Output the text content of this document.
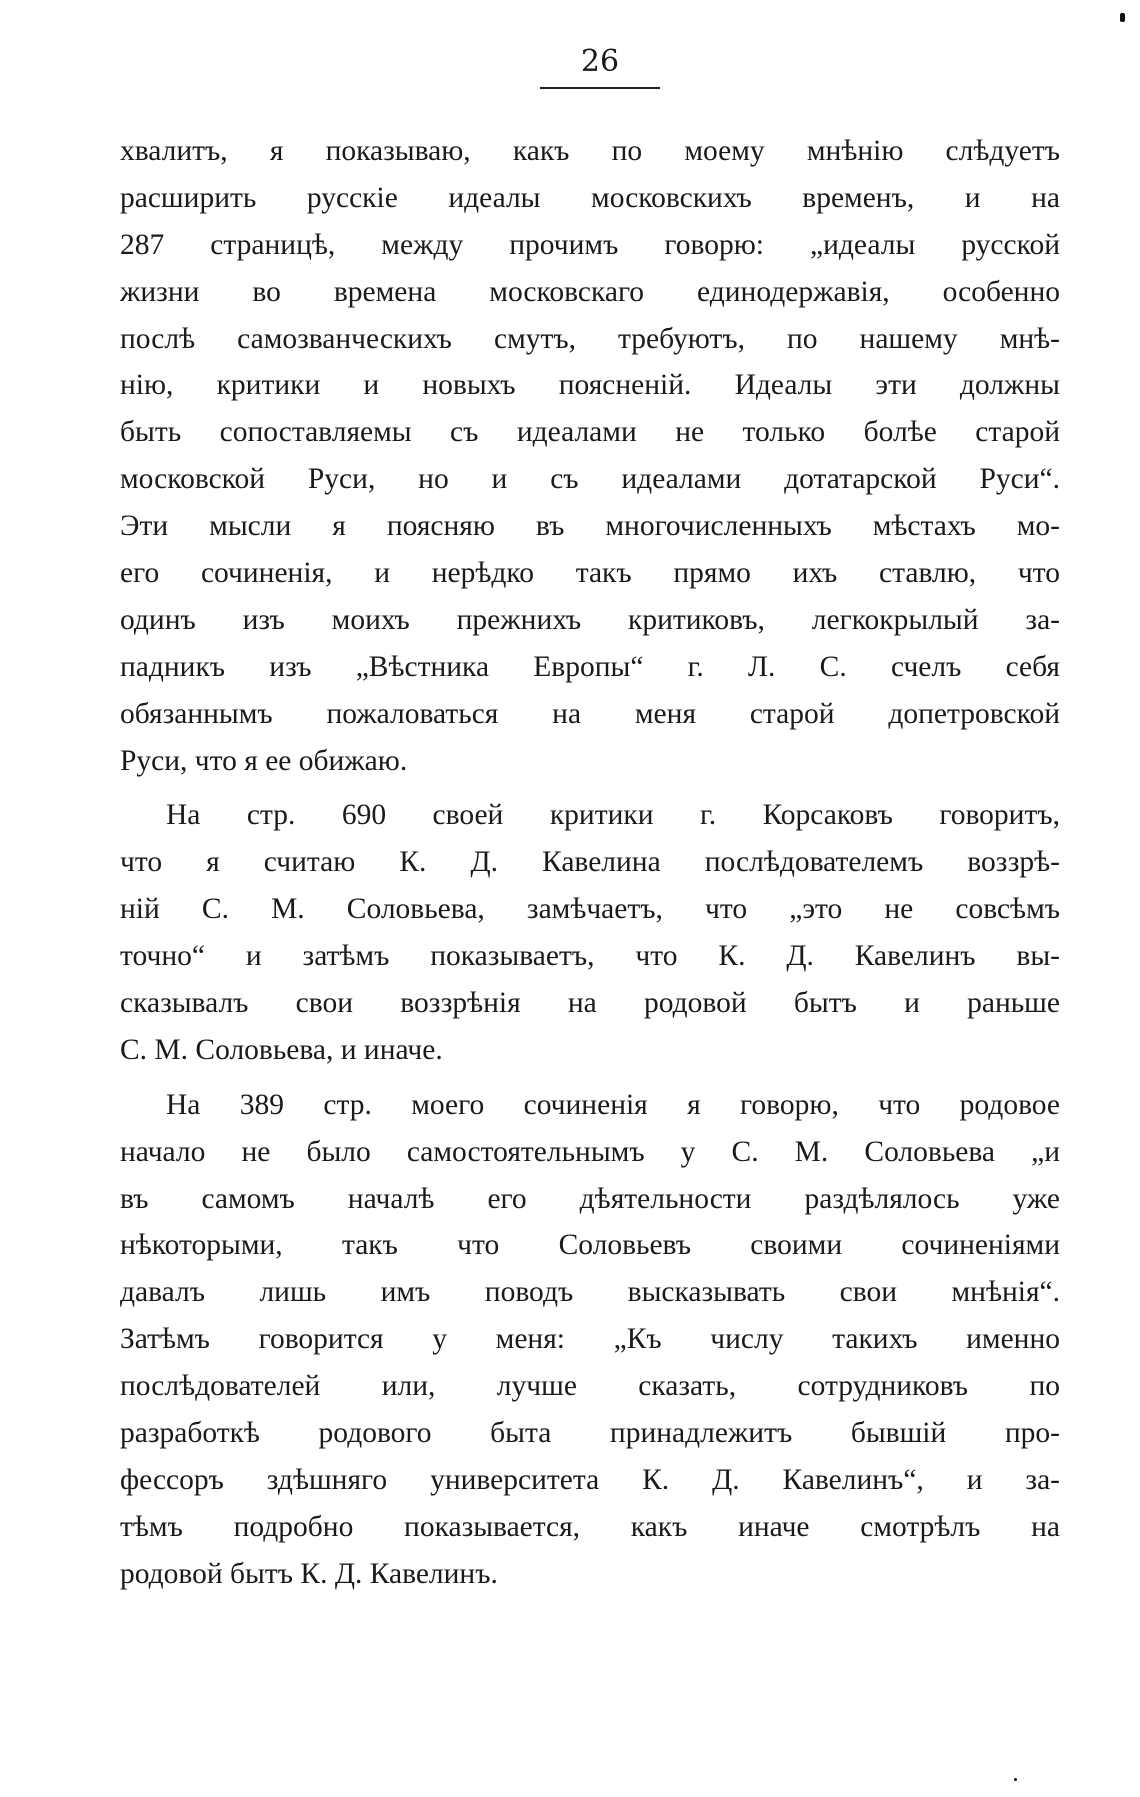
26
хвалитъ, я показываю, какъ по моему мнѣнію слѣдуетъ
расширить русскіе идеалы московскихъ временъ, и на
287 страницѣ, между прочимъ говорю: „идеалы русской
жизни во времена московскаго единодержавія, особенно
послѣ самозванческихъ смутъ, требуютъ, по нашему мнѣ-
нію, критики и новыхъ поясненій. Идеалы эти должны
быть сопоставляемы съ идеалами не только болѣе старой
московской Руси, но и съ идеалами дотатарской Руси“.
Эти мысли я поясняю въ многочисленныхъ мѣстахъ мо-
его сочиненія, и нерѣдко такъ прямо ихъ ставлю, что
одинъ изъ моихъ прежнихъ критиковъ, легкокрылый за-
падникъ изъ „Вѣстника Европы“ г. Л. С. счелъ себя
обязаннымъ пожаловаться на меня старой допетровской
Руси, что я ее обижаю.
На стр. 690 своей критики г. Корсаковъ говоритъ,
что я считаю К. Д. Кавелина послѣдователемъ воззрѣ-
ній С. М. Соловьева, замѣчаетъ, что „это не совсѣмъ
точно“ и затѣмъ показываетъ, что К. Д. Кавелинъ вы-
сказывалъ свои воззрѣнія на родовой бытъ и раньше
С. М. Соловьева, и иначе.
На 389 стр. моего сочиненія я говорю, что родовое
начало не было самостоятельнымъ у С. М. Соловьева „и
въ самомъ началѣ его дѣятельности раздѣлялось уже
нѣкоторыми, такъ что Соловьевъ своими сочиненіями
давалъ лишь имъ поводъ высказывать свои мнѣнія“.
Затѣмъ говорится у меня: „Къ числу такихъ именно
послѣдователей или, лучше сказать, сотрудниковъ по
разработкѣ родового быта принадлежитъ бывшій про-
фессоръ здѣшняго университета К. Д. Кавелинъ“, и за-
тѣмъ подробно показывается, какъ иначе смотрѣлъ на
родовой бытъ К. Д. Кавелинъ.
